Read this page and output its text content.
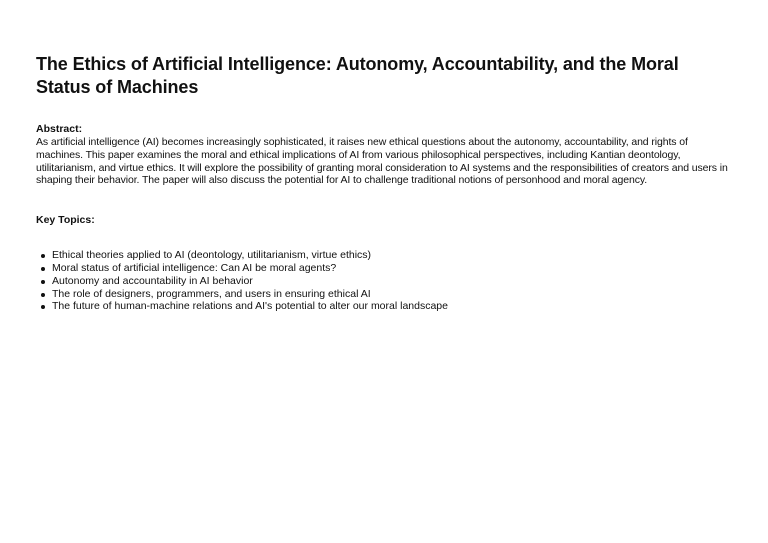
The Ethics of Artificial Intelligence: Autonomy, Accountability, and the Moral Status of Machines

Abstract:

As artificial intelligence (AI) becomes increasingly sophisticated, it raises new ethical questions about the autonomy, accountability, and rights of machines. This paper examines the moral and ethical implications of AI from various philosophical perspectives, including Kantian deontology, utilitarianism, and virtue ethics. It will explore the possibility of granting moral consideration to AI systems and the responsibilities of creators and users in shaping their behavior. The paper will also discuss the potential for AI to challenge traditional notions of personhood and moral agency.

Key Topics:

Ethical theories applied to AI (deontology, utilitarianism, virtue ethics)
Moral status of artificial intelligence: Can AI be moral agents?
Autonomy and accountability in AI behavior
The role of designers, programmers, and users in ensuring ethical AI
The future of human-machine relations and AI's potential to alter our moral landscape
